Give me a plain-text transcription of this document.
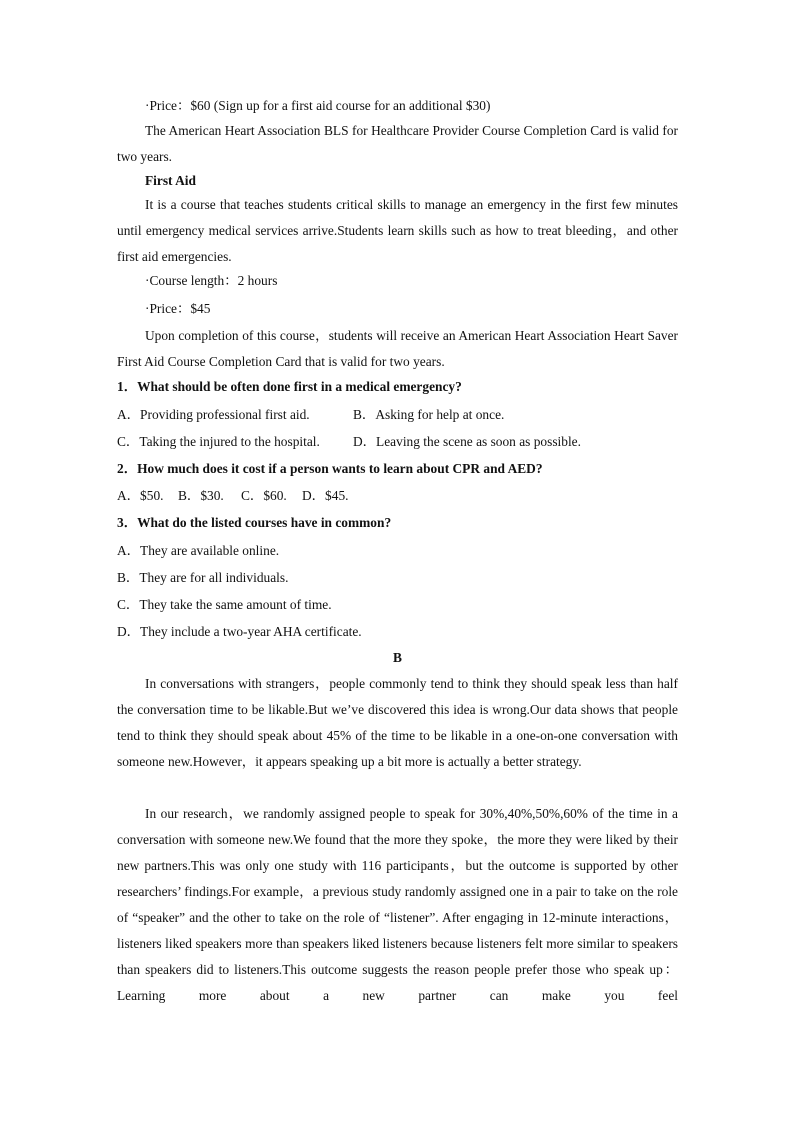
·Price：$60 (Sign up for a first aid course for an additional $30)
The American Heart Association BLS for Healthcare Provider Course Completion Card is valid for two years.
First Aid
It is a course that teaches students critical skills to manage an emergency in the first few minutes until emergency medical services arrive.Students learn skills such as how to treat bleeding，and other first aid emergencies.
·Course length：2 hours
·Price：$45
Upon completion of this course，students will receive an American Heart Association Heart Saver First Aid Course Completion Card that is valid for two years.
1．What should be often done first in a medical emergency?
A．Providing professional first aid.	B．Asking for help at once.
C．Taking the injured to the hospital. D．Leaving the scene as soon as possible.
2．How much does it cost if a person wants to learn about CPR and AED?
A．$50. B．$30. C．$60. D．$45.
3．What do the listed courses have in common?
A．They are available online.
B．They are for all individuals.
C．They take the same amount of time.
D．They include a two-year AHA certificate.
B
In conversations with strangers，people commonly tend to think they should speak less than half the conversation time to be likable.But we’ve discovered this idea is wrong.Our data shows that people tend to think they should speak about 45% of the time to be likable in a one-on-one conversation with someone new.However，it appears speaking up a bit more is actually a better strategy.
In our research，we randomly assigned people to speak for 30%,40%,50%,60% of the time in a conversation with someone new.We found that the more they spoke，the more they were liked by their new partners.This was only one study with 116 participants，but the outcome is supported by other researchers’ findings.For example，a previous study randomly assigned one in a pair to take on the role of “speaker” and the other to take on the role of “listener”. After engaging in 12-minute interactions，listeners liked speakers more than speakers liked listeners because listeners felt more similar to speakers than speakers did to listeners.This outcome suggests the reason people prefer those who speak up：Learning more about a new partner can make you feel
